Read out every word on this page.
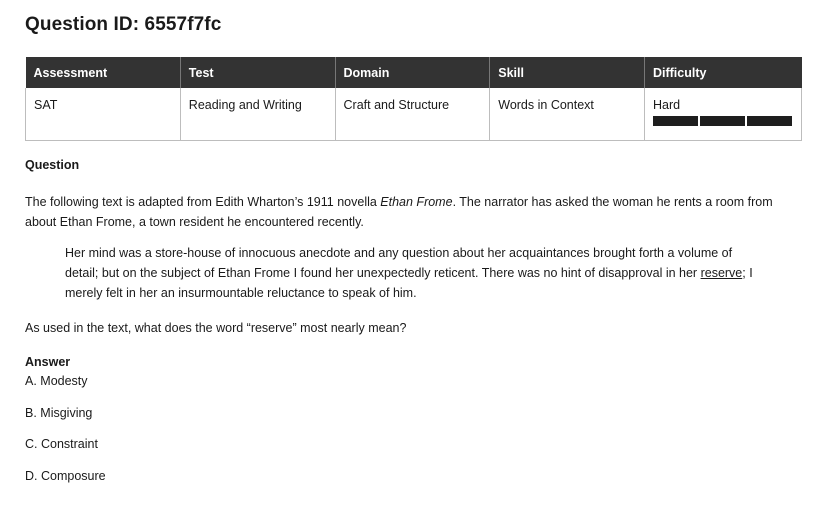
Question ID: 6557f7fc
Assessment	Test	Domain	Skill	Difficulty
SAT	Reading and Writing	Craft and Structure	Words in Context	Hard
Question
The following text is adapted from Edith Wharton’s 1911 novella Ethan Frome. The narrator has asked the woman he rents a room from about Ethan Frome, a town resident he encountered recently.
Her mind was a store-house of innocuous anecdote and any question about her acquaintances brought forth a volume of detail; but on the subject of Ethan Frome I found her unexpectedly reticent. There was no hint of disapproval in her reserve; I merely felt in her an insurmountable reluctance to speak of him.
As used in the text, what does the word “reserve” most nearly mean?
Answer
A. Modesty
B. Misgiving
C. Constraint
D. Composure
